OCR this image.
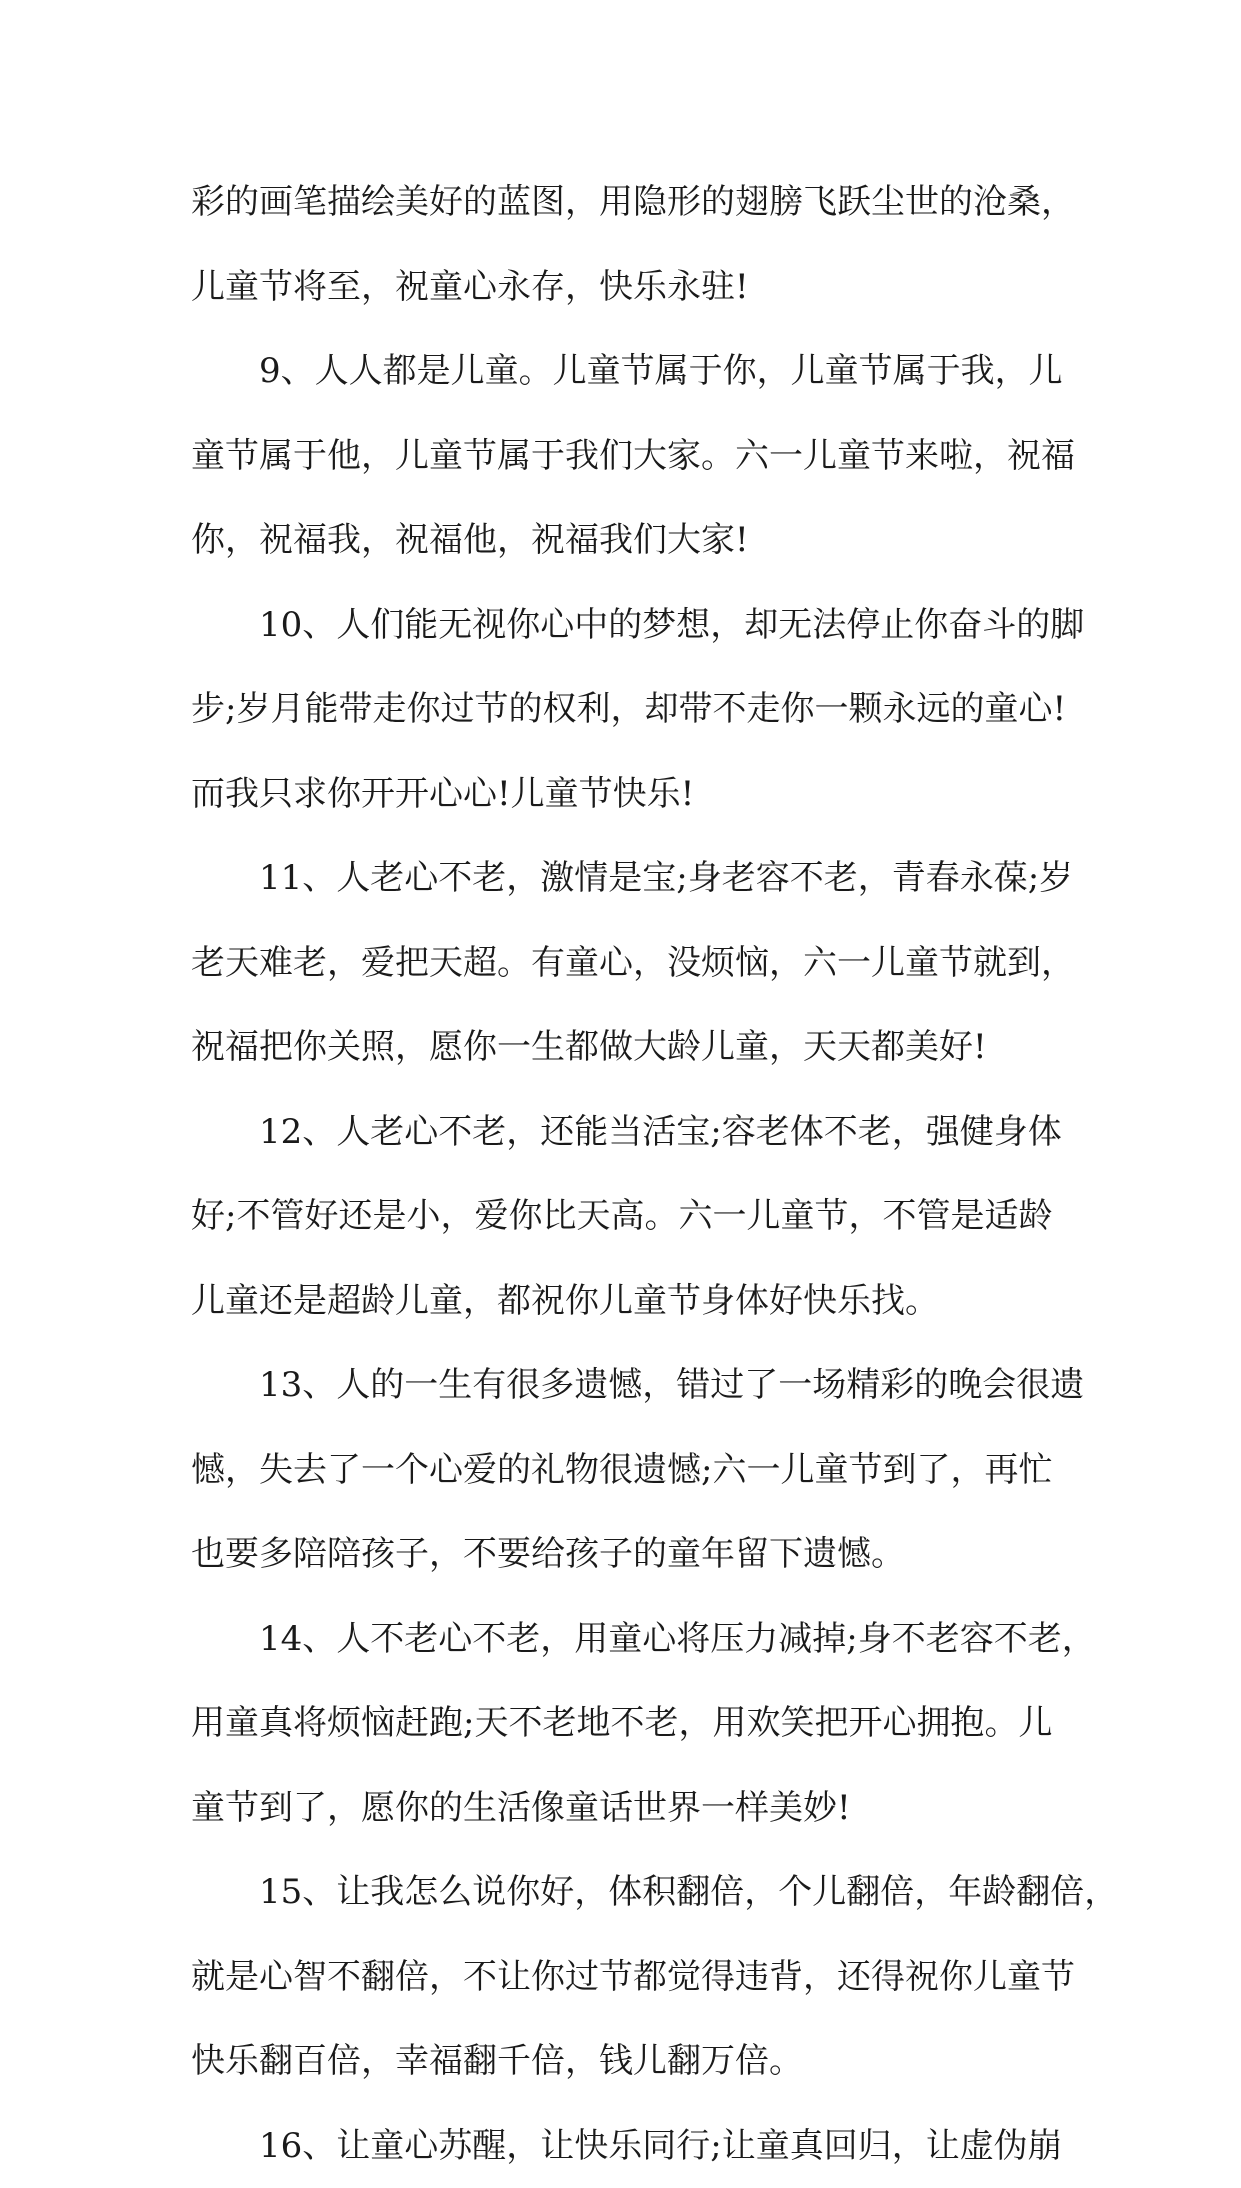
彩的画笔描绘美好的蓝图，用隐形的翅膀飞跃尘世的沧桑，
儿童节将至，祝童心永存，快乐永驻!

9、人人都是儿童。儿童节属于你，儿童节属于我，儿
童节属于他，儿童节属于我们大家。六一儿童节来啦，祝福
你，祝福我，祝福他，祝福我们大家!

10、人们能无视你心中的梦想，却无法停止你奋斗的脚
步;岁月能带走你过节的权利，却带不走你一颗永远的童心!
而我只求你开开心心!儿童节快乐!

11、人老心不老，激情是宝;身老容不老，青春永葆;岁
老天难老，爱把天超。有童心，没烦恼，六一儿童节就到，
祝福把你关照，愿你一生都做大龄儿童，天天都美好!

12、人老心不老，还能当活宝;容老体不老，强健身体
好;不管好还是小，爱你比天高。六一儿童节，不管是适龄
儿童还是超龄儿童，都祝你儿童节身体好快乐找。

13、人的一生有很多遗憾，错过了一场精彩的晚会很遗
憾，失去了一个心爱的礼物很遗憾;六一儿童节到了，再忙
也要多陪陪孩子，不要给孩子的童年留下遗憾。

14、人不老心不老，用童心将压力减掉;身不老容不老，
用童真将烦恼赶跑;天不老地不老，用欢笑把开心拥抱。儿
童节到了，愿你的生活像童话世界一样美妙!

15、让我怎么说你好，体积翻倍，个儿翻倍，年龄翻倍，
就是心智不翻倍，不让你过节都觉得违背，还得祝你儿童节
快乐翻百倍，幸福翻千倍，钱儿翻万倍。

16、让童心苏醒，让快乐同行;让童真回归，让虚伪崩
